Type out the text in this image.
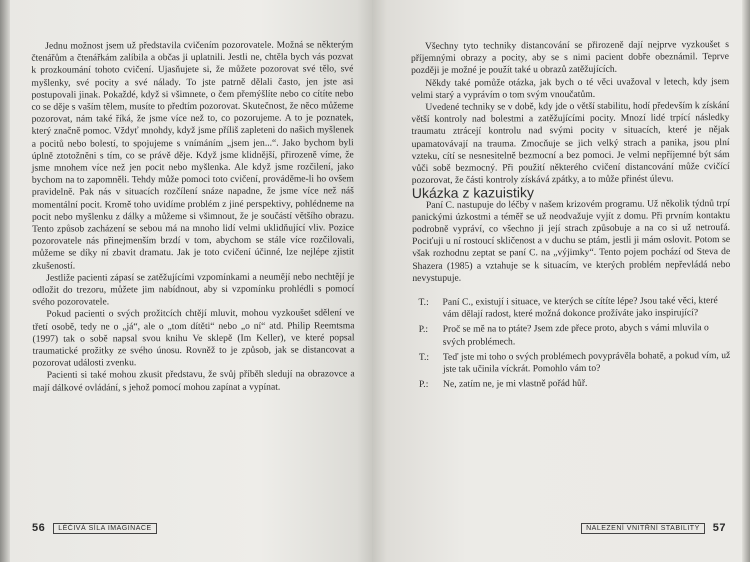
Jednu možnost jsem už představila cvičením pozorovatele. Možná se některým čtenářům a čtenářkám zalíbila a občas ji uplatnili. Jestli ne, chtěla bych vás pozvat k prozkoumání tohoto cvičení. Ujasňujete si, že můžete pozorovat své tělo, své myšlenky, své pocity a své nálady. To jste patrně dělali často, jen jste asi postupovali jinak. Pokaždé, když si všimnete, o čem přemýšlíte nebo co cítíte nebo co se děje s vaším tělem, musíte to předtím pozorovat. Skutečnost, že něco můžeme pozorovat, nám také říká, že jsme více než to, co pozorujeme. A to je poznatek, který značně pomoc. Vždyť mnohdy, když jsme příliš zapleteni do našich myšlenek a pocitů nebo bolestí, to spojujeme s vnímáním „jsem jen...“. Jako bychom byli úplně ztotožněni s tím, co se právě děje. Když jsme klidnější, přirozeně víme, že jsme mnohem více než jen pocit nebo myšlenka. Ale když jsme rozčilení, jako bychom na to zapomněli. Tehdy může pomoci toto cvičení, prováděme-li ho ovšem pravidelně. Pak nás v situacích rozčílení snáze napadne, že jsme více než náš momentální pocit. Kromě toho uvidíme problém z jiné perspektivy, pohlédneme na pocit nebo myšlenku z dálky a můžeme si všimnout, že je součástí většího obrazu. Tento způsob zacházení se sebou má na mnoho lidí velmi uklidňující vliv. Pozice pozorovatele nás přinejmenším brzdí v tom, abychom se stále více rozčilovali, můžeme se díky ní zbavit dramatu. Jak je toto cvičení účinné, lze nejlépe zjistit zkušeností.

Jestliže pacienti zápasí se zatěžujícími vzpomínkami a neumějí nebo nechtějí je odložit do trezoru, můžete jim nabídnout, aby si vzpomínku prohlédli s pomocí svého pozorovatele.

Pokud pacienti o svých prožitcích chtějí mluvit, mohou vyzkoušet sdělení ve třetí osobě, tedy ne o „já“, ale o „tom dítěti“ nebo „o ní“ atd. Philip Reemtsma (1997) tak o sobě napsal svou knihu Ve sklepě (Im Keller), ve které popsal traumatické prožitky ze svého únosu. Rovněž to je způsob, jak se distancovat a pozorovat události zvenku.

Pacienti si také mohou zkusit představu, že svůj příběh sledují na obrazovce a mají dálkové ovládání, s jehož pomocí mohou zapínat a vypínat.

56	LÉČIVÁ SÍLA IMAGINACE

Všechny tyto techniky distancování se přirozeně dají nejprve vyzkoušet s příjemnými obrazy a pocity, aby se s nimi pacient dobře obeznámil. Teprve později je možné je použít také u obrazů zatěžujících.

Někdy také pomůže otázka, jak bych o té věci uvažoval v letech, kdy jsem velmi starý a vyprávím o tom svým vnoučatům.

Uvedené techniky se v době, kdy jde o větší stabilitu, hodí především k získání větší kontroly nad bolestmi a zatěžujícími pocity. Mnozí lidé trpící následky traumatu ztrácejí kontrolu nad svými pocity v situacích, které je nějak upamatovávají na trauma. Zmocňuje se jich velký strach a panika, jsou plní vzteku, cítí se nesnesitelně bezmocní a bez pomoci. Je velmi nepříjemné být sám vůči sobě bezmocný. Při použití některého cvičení distancování může cvičící pozorovat, že části kontroly získává zpátky, a to může přinést úlevu.

Ukázka z kazuistiky

Paní C. nastupuje do léčby v našem krizovém programu. Už několik týdnů trpí panickými úzkostmi a téměř se už neodvažuje vyjít z domu. Při prvním kontaktu podrobně vypráví, co všechno ji její strach způsobuje a na co si už netroufá. Pociťuji u ní rostoucí skličenost a v duchu se ptám, jestli ji mám oslovit. Potom se však rozhodnu zeptat se paní C. na „výjimky“. Tento pojem pochází od Steva de Shazera (1985) a vztahuje se k situacím, ve kterých problém nepřevládá nebo nevystupuje.

T.:	Paní C., existují i situace, ve kterých se cítíte lépe? Jsou také věci, které vám dělají radost, které možná dokonce prožíváte jako inspirující?
P.:	Proč se mě na to ptáte? Jsem zde přece proto, abych s vámi mluvila o svých problémech.
T.:	Teď jste mi toho o svých problémech povyprávěla bohatě, a pokud vím, už jste tak učinila víckrát. Pomohlo vám to?
P.:	Ne, zatím ne, je mi vlastně pořád hůř.
NALEZENÍ VNITŘNÍ STABILITY	57
